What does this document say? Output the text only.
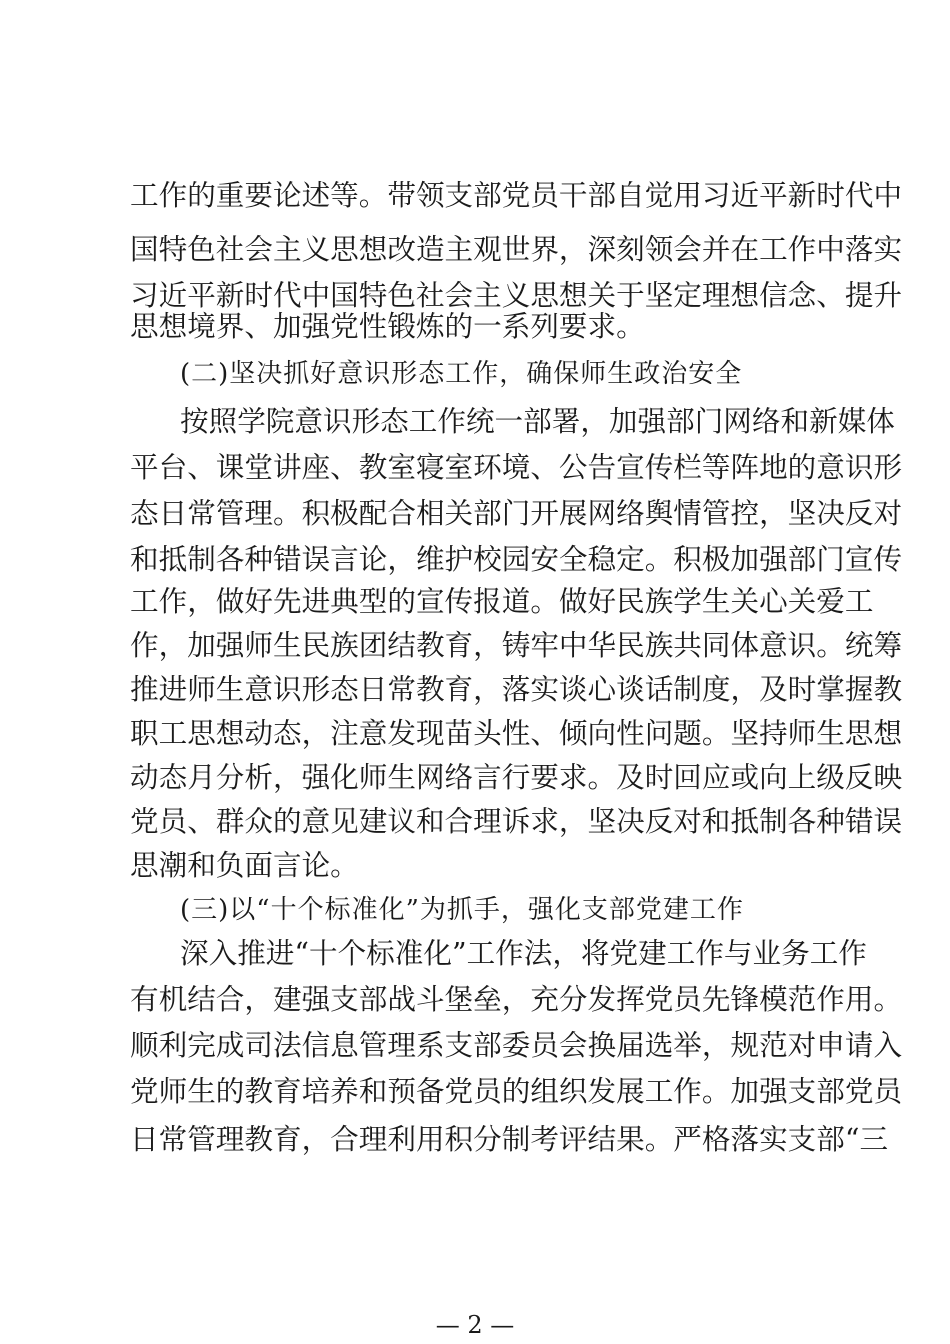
工作的重要论述等。带领支部党员干部自觉用习近平新时代中
国特色社会主义思想改造主观世界，深刻领会并在工作中落实
习近平新时代中国特色社会主义思想关于坚定理想信念、提升
思想境界、加强党性锻炼的一系列要求。
(二)坚决抓好意识形态工作，确保师生政治安全
按照学院意识形态工作统一部署，加强部门网络和新媒体
平台、课堂讲座、教室寝室环境、公告宣传栏等阵地的意识形
态日常管理。积极配合相关部门开展网络舆情管控，坚决反对
和抵制各种错误言论，维护校园安全稳定。积极加强部门宣传
工作，做好先进典型的宣传报道。做好民族学生关心关爱工
作，加强师生民族团结教育，铸牢中华民族共同体意识。统筹
推进师生意识形态日常教育，落实谈心谈话制度，及时掌握教
职工思想动态，注意发现苗头性、倾向性问题。坚持师生思想
动态月分析，强化师生网络言行要求。及时回应或向上级反映
党员、群众的意见建议和合理诉求，坚决反对和抵制各种错误
思潮和负面言论。
(三)以“十个标准化”为抓手，强化支部党建工作
深入推进“十个标准化”工作法，将党建工作与业务工作
有机结合，建强支部战斗堡垒，充分发挥党员先锋模范作用。
顺利完成司法信息管理系支部委员会换届选举，规范对申请入
党师生的教育培养和预备党员的组织发展工作。加强支部党员
日常管理教育，合理利用积分制考评结果。严格落实支部“三
— 2 —
